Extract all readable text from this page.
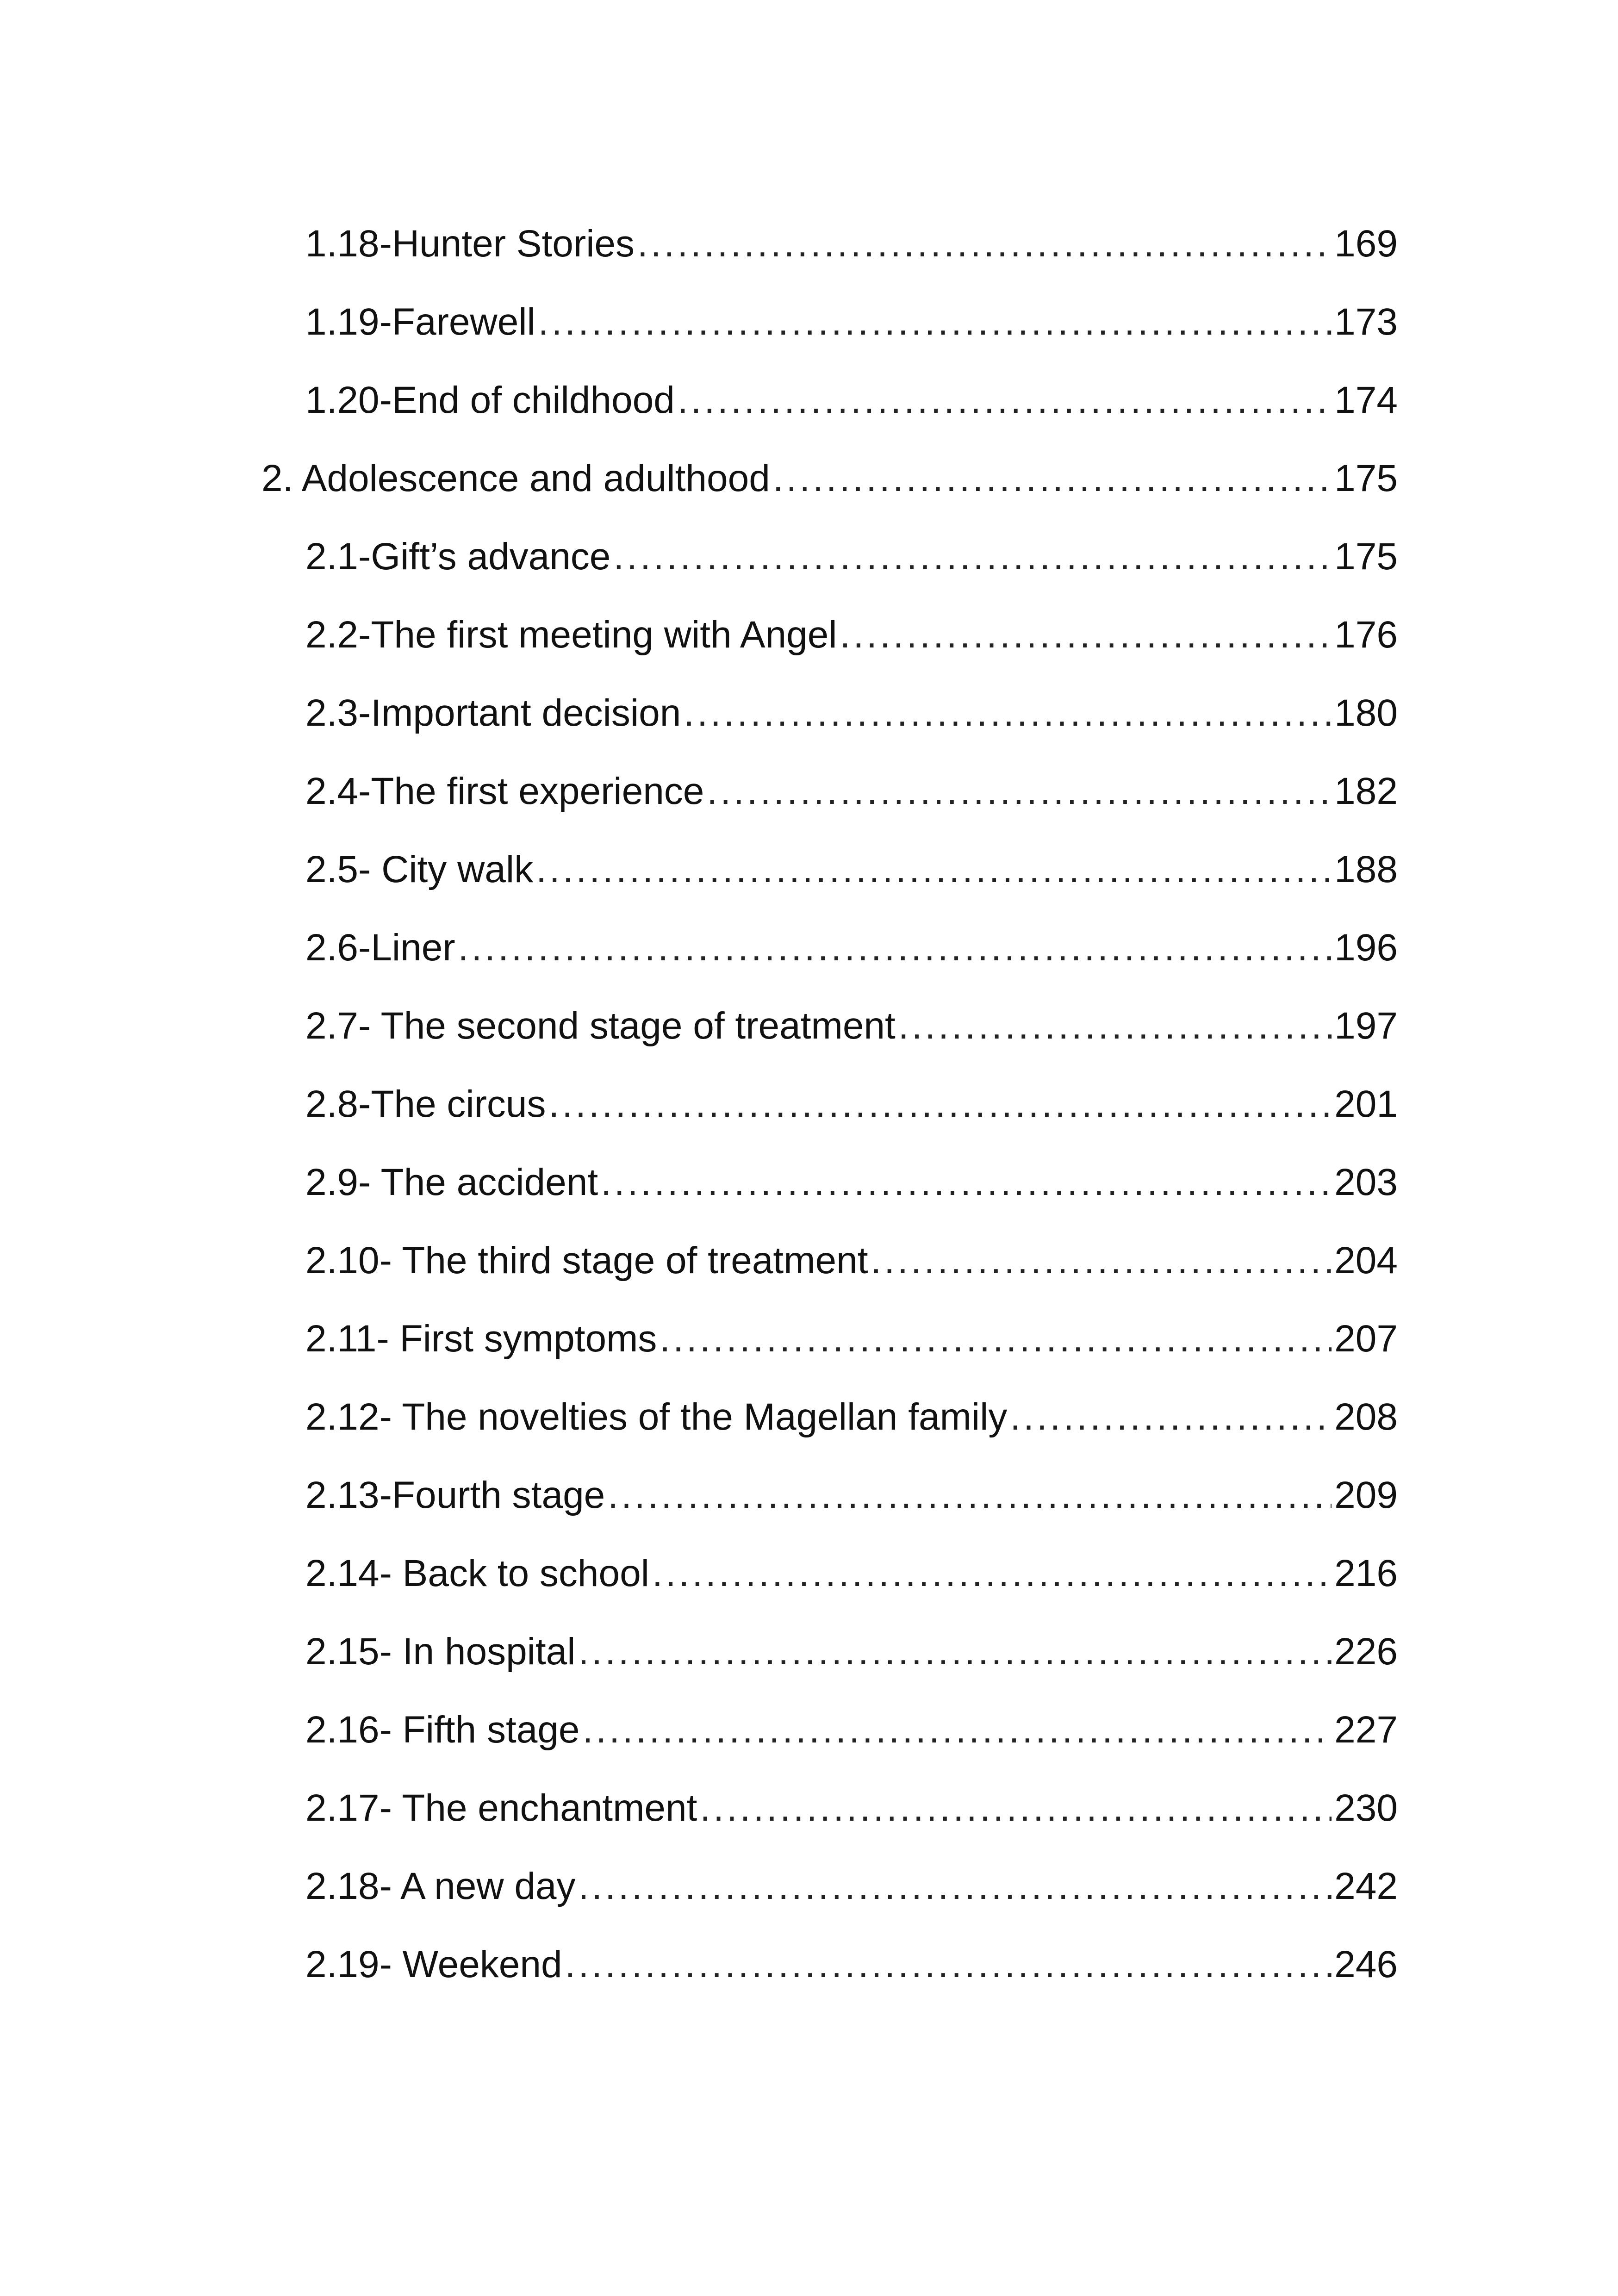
1.18-Hunter Stories .....	169
1.19-Farewell .....	173
1.20-End of childhood .....	174
2. Adolescence and adulthood .....	175
2.1-Gift’s advance .....	175
2.2-The first meeting with Angel .....	176
2.3-Important decision .....	180
2.4-The first experience .....	182
2.5- City walk .....	188
2.6-Liner .....	196
2.7- The second stage of treatment .....	197
2.8-The circus .....	201
2.9- The accident .....	203
2.10- The third stage of treatment .....	204
2.11- First symptoms .....	207
2.12- The novelties of the Magellan family .....	208
2.13-Fourth stage .....	209
2.14- Back to school .....	216
2.15- In hospital .....	226
2.16- Fifth stage .....	227
2.17- The enchantment .....	230
2.18- A new day .....	242
2.19- Weekend .....	246
